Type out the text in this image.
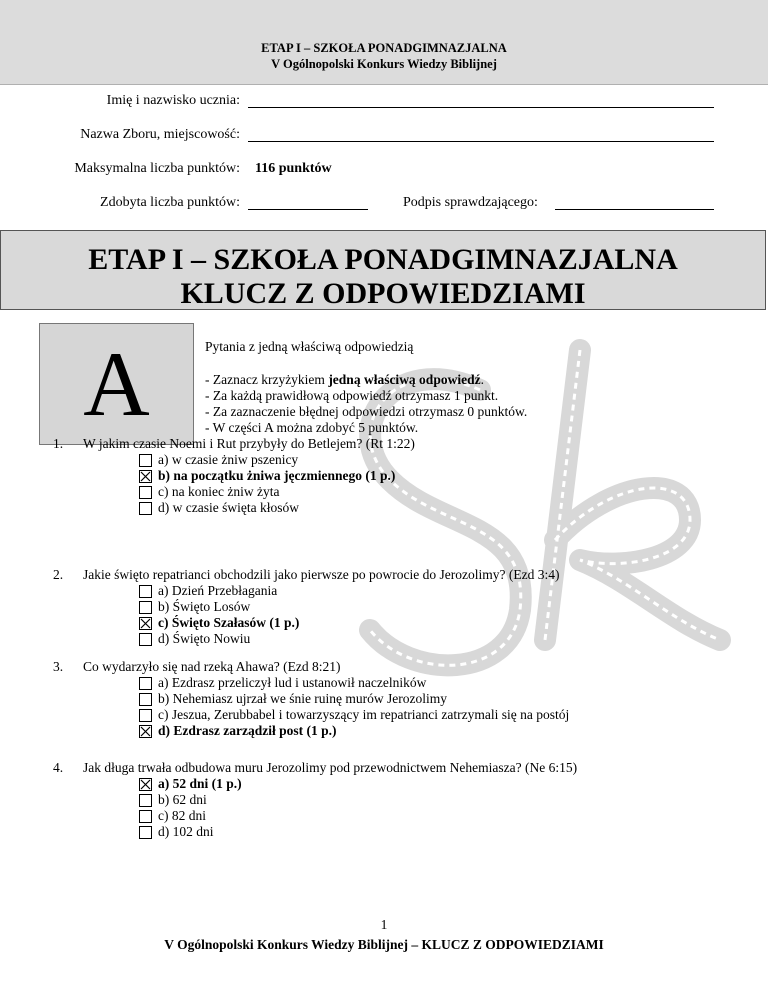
ETAP I – SZKOŁA PONADGIMNAZJALNA
V Ogólnopolski Konkurs Wiedzy Biblijnej
Imię i nazwisko ucznia:
Nazwa Zboru, miejscowość:
Maksymalna liczba punktów: 116 punktów
Zdobyta liczba punktów:	Podpis sprawdzającego:
ETAP I – SZKOŁA PONADGIMNAZJALNA
KLUCZ Z ODPOWIEDZIAMI
A	Pytania z jedną właściwą odpowiedzią
- Zaznacz krzyżykiem jedną właściwą odpowiedź.
- Za każdą prawidłową odpowiedź otrzymasz 1 punkt.
- Za zaznaczenie błędnej odpowiedzi otrzymasz 0 punktów.
- W części A można zdobyć 5 punktów.
1. W jakim czasie Noemi i Rut przybyły do Betlejem? (Rt 1:22)
a) w czasie żniw pszenicy
b) na początku żniwa jęczmiennego (1 p.)
c) na koniec żniw żyta
d) w czasie święta kłosów
2. Jakie święto repatrianci obchodzili jako pierwsze po powrocie do Jerozolimy? (Ezd 3:4)
a) Dzień Przebłagania
b) Święto Losów
c) Święto Szałasów (1 p.)
d) Święto Nowiu
3. Co wydarzyło się nad rzeką Ahawa? (Ezd 8:21)
a) Ezdrasz przeliczył lud i ustanowił naczelników
b) Nehemiasz ujrzał we śnie ruinę murów Jerozolimy
c) Jeszua, Zerubbabel i towarzyszący im repatrianci zatrzymali się na postój
d) Ezdrasz zarządził post (1 p.)
4. Jak długa trwała odbudowa muru Jerozolimy pod przewodnictwem Nehemiasza? (Ne 6:15)
a) 52 dni (1 p.)
b) 62 dni
c) 82 dni
d) 102 dni
1
V Ogólnopolski Konkurs Wiedzy Biblijnej – KLUCZ Z ODPOWIEDZIAMI
